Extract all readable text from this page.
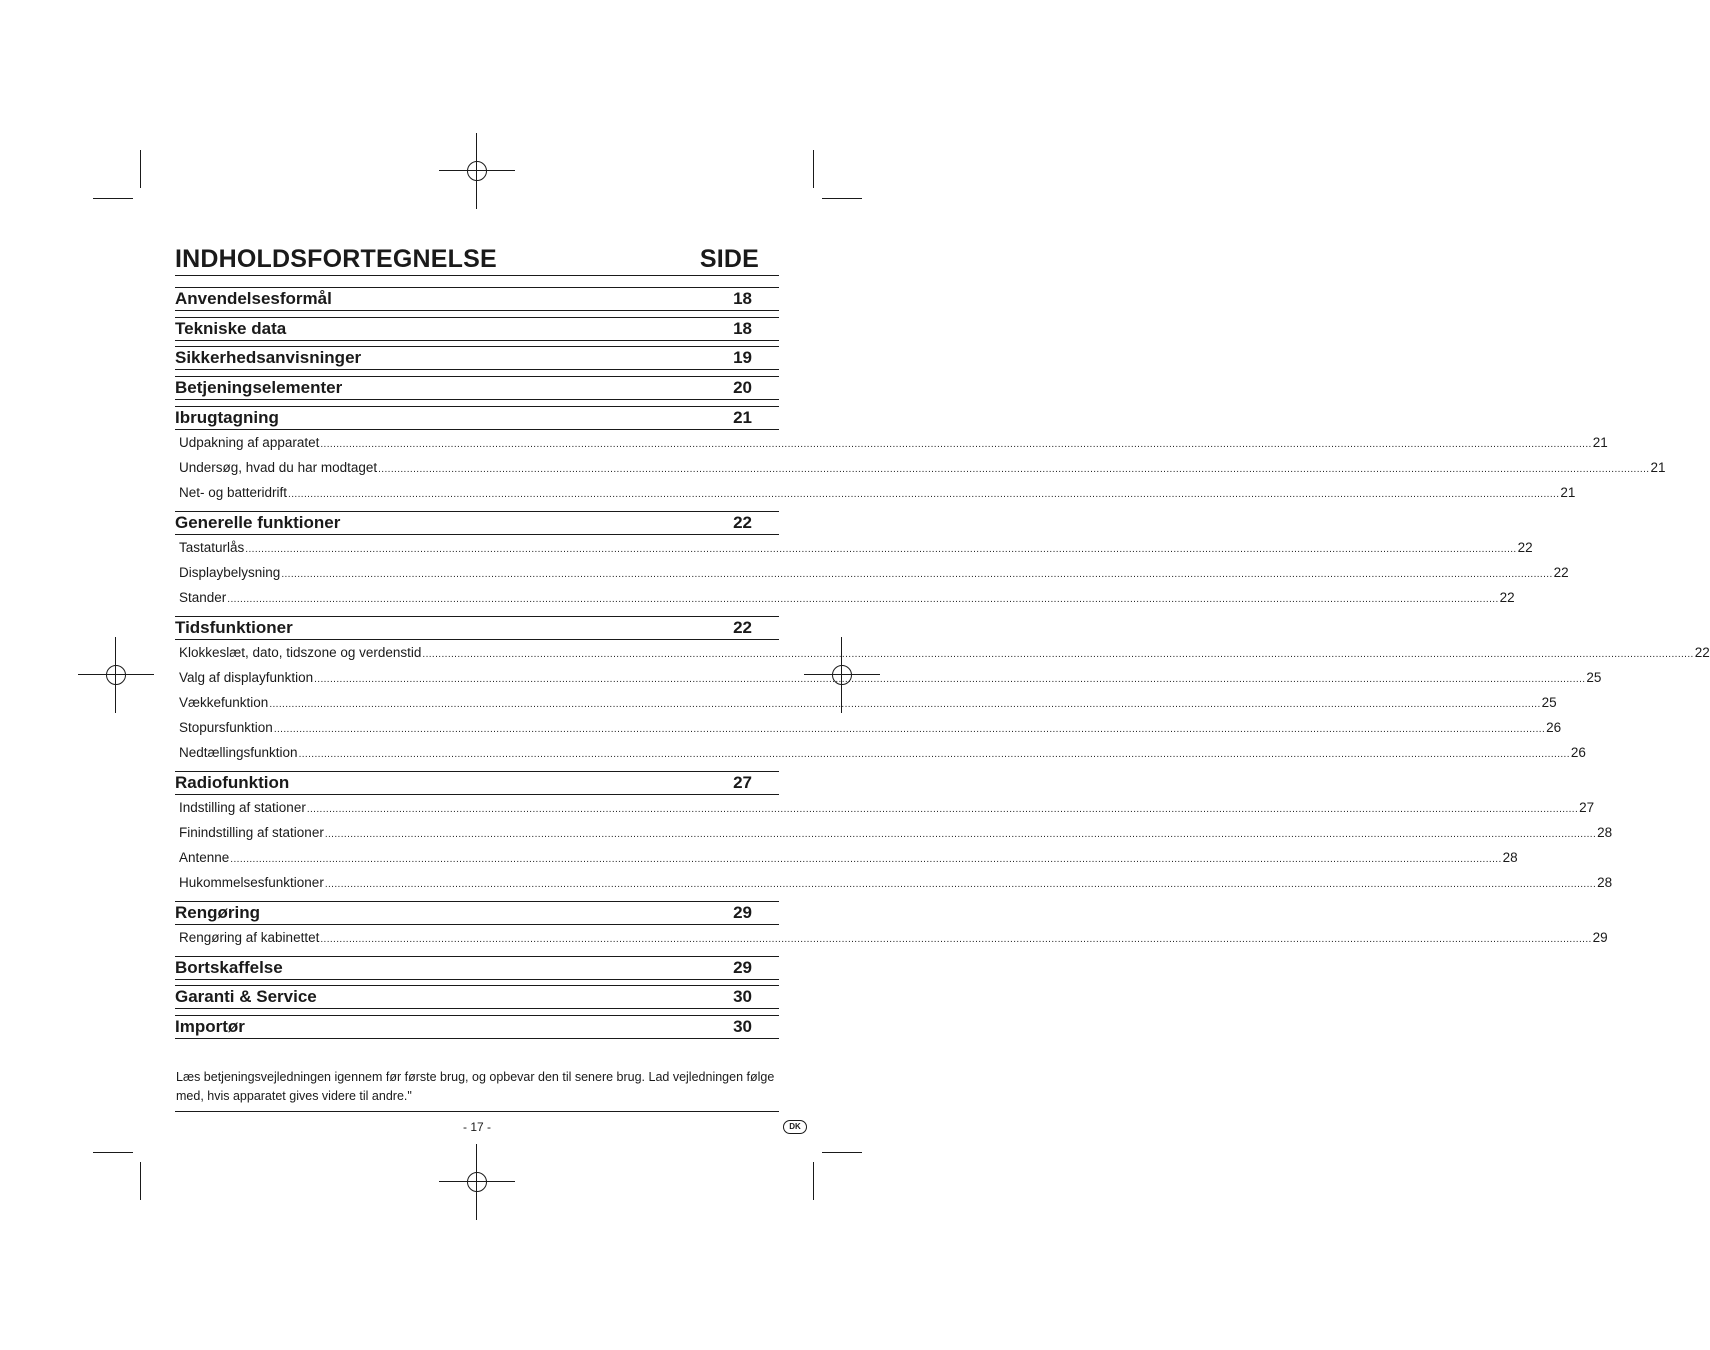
INDHOLDSFORTEGNELSE	SIDE
Anvendelsesformål	18
Tekniske data	18
Sikkerhedsanvisninger	19
Betjeningselementer	20
Ibrugtagning	21
Udpakning af apparatet ................................................................................................................................................................................................................................................................................................................................................................................................................ 21
Undersøg, hvad du har modtaget ................................................................................................................................................................................................................................................................................................................................................................................................................ 21
Net- og batteridrift ................................................................................................................................................................................................................................................................................................................................................................................................................ 21
Generelle funktioner	22
Tastaturlås ................................................................................................................................................................................................................................................................................................................................................................................................................ 22
Displaybelysning ................................................................................................................................................................................................................................................................................................................................................................................................................ 22
Stander ................................................................................................................................................................................................................................................................................................................................................................................................................ 22
Tidsfunktioner	22
Klokkeslæt, dato, tidszone og verdenstid ................................................................................................................................................................................................................................................................................................................................................................................................................ 22
Valg af displayfunktion ................................................................................................................................................................................................................................................................................................................................................................................................................ 25
Vækkefunktion ................................................................................................................................................................................................................................................................................................................................................................................................................ 25
Stopursfunktion ................................................................................................................................................................................................................................................................................................................................................................................................................ 26
Nedtællingsfunktion ................................................................................................................................................................................................................................................................................................................................................................................................................ 26
Radiofunktion	27
Indstilling af stationer ................................................................................................................................................................................................................................................................................................................................................................................................................ 27
Finindstilling af stationer ................................................................................................................................................................................................................................................................................................................................................................................................................ 28
Antenne ................................................................................................................................................................................................................................................................................................................................................................................................................ 28
Hukommelsesfunktioner ................................................................................................................................................................................................................................................................................................................................................................................................................ 28
Rengøring	29
Rengøring af kabinettet ................................................................................................................................................................................................................................................................................................................................................................................................................ 29
Bortskaffelse	29
Garanti & Service	30
Importør	30
Læs betjeningsvejledningen igennem før første brug, og opbevar den til senere brug. Lad vejledningen følge med, hvis apparatet gives videre til andre."
- 17 -	DK
